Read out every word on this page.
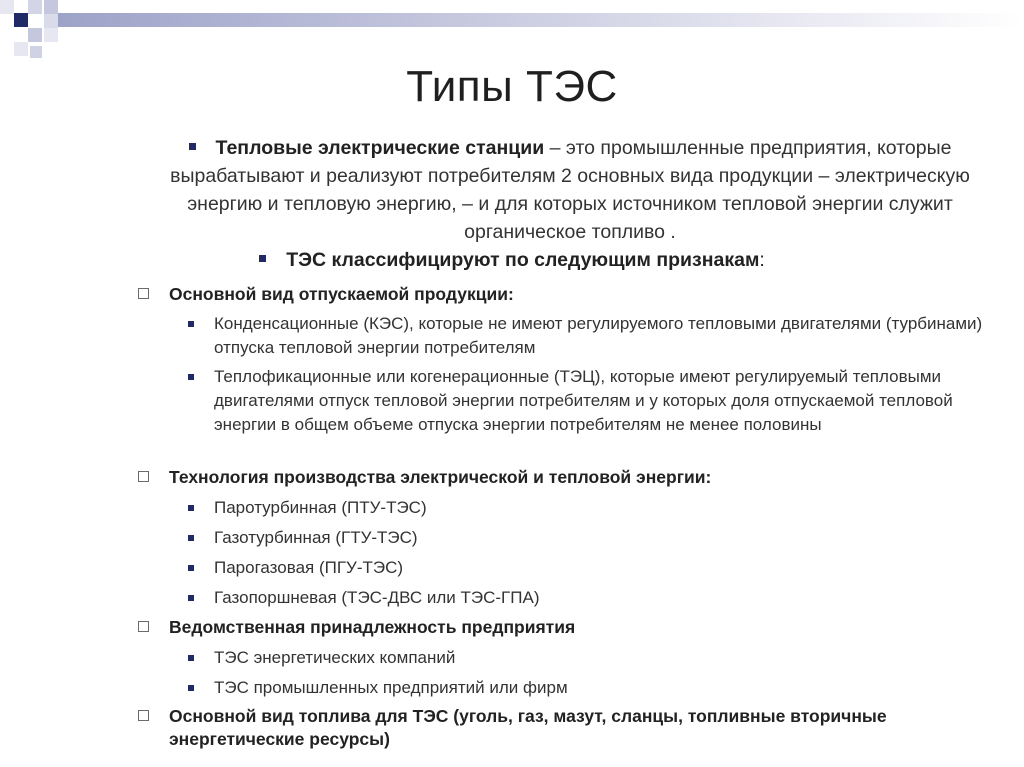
Типы ТЭС
Тепловые электрические станции – это промышленные предприятия, которые вырабатывают и реализуют потребителям 2 основных вида продукции – электрическую энергию и тепловую энергию, – и для которых источником тепловой энергии служит органическое топливо .
ТЭС классифицируют по следующим признакам:
Основной вид отпускаемой продукции:
Конденсационные (КЭС), которые не имеют регулируемого тепловыми двигателями (турбинами) отпуска тепловой энергии потребителям
Теплофикационные или когенерационные (ТЭЦ), которые имеют регулируемый тепловыми двигателями отпуск тепловой энергии потребителям и у которых доля отпускаемой тепловой энергии в общем объеме отпуска энергии потребителям не менее половины
Технология производства электрической и тепловой энергии:
Паротурбинная (ПТУ-ТЭС)
Газотурбинная (ГТУ-ТЭС)
Парогазовая (ПГУ-ТЭС)
Газопоршневая (ТЭС-ДВС или ТЭС-ГПА)
Ведомственная принадлежность предприятия
ТЭС энергетических компаний
ТЭС промышленных предприятий или фирм
Основной вид топлива для ТЭС (уголь, газ, мазут, сланцы, топливные вторичные энергетические ресурсы)
